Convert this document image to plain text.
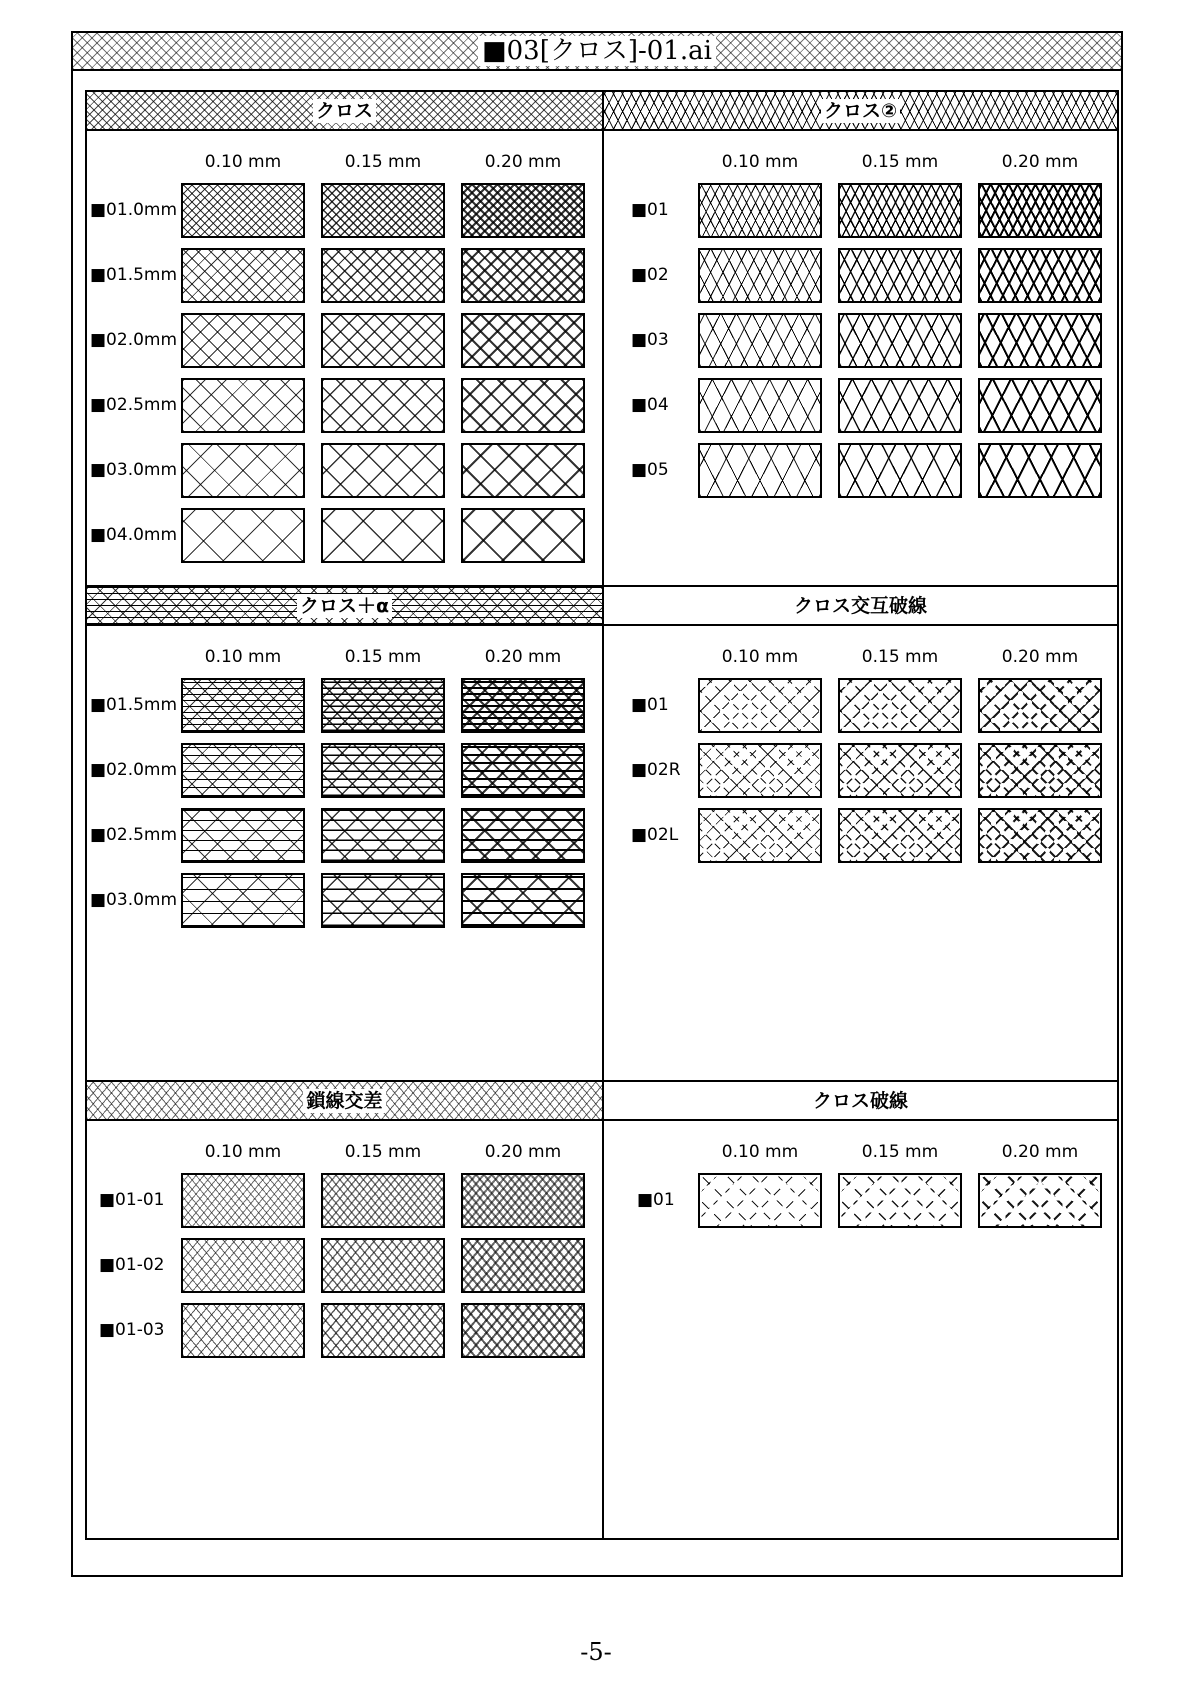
■03[クロス]-01.ai
クロス
0.10 mm	0.15 mm	0.20 mm
■01.0mm
■01.5mm
■02.0mm
■02.5mm
■03.0mm
■04.0mm
クロス②
0.10 mm	0.15 mm	0.20 mm
■01
■02
■03
■04
■05
クロス＋α
0.10 mm	0.15 mm	0.20 mm
■01.5mm
■02.0mm
■02.5mm
■03.0mm
クロス交互破線
0.10 mm	0.15 mm	0.20 mm
■01
■02R
■02L
鎖線交差
0.10 mm	0.15 mm	0.20 mm
■01-01
■01-02
■01-03
クロス破線
0.10 mm	0.15 mm	0.20 mm
■01
-5-
